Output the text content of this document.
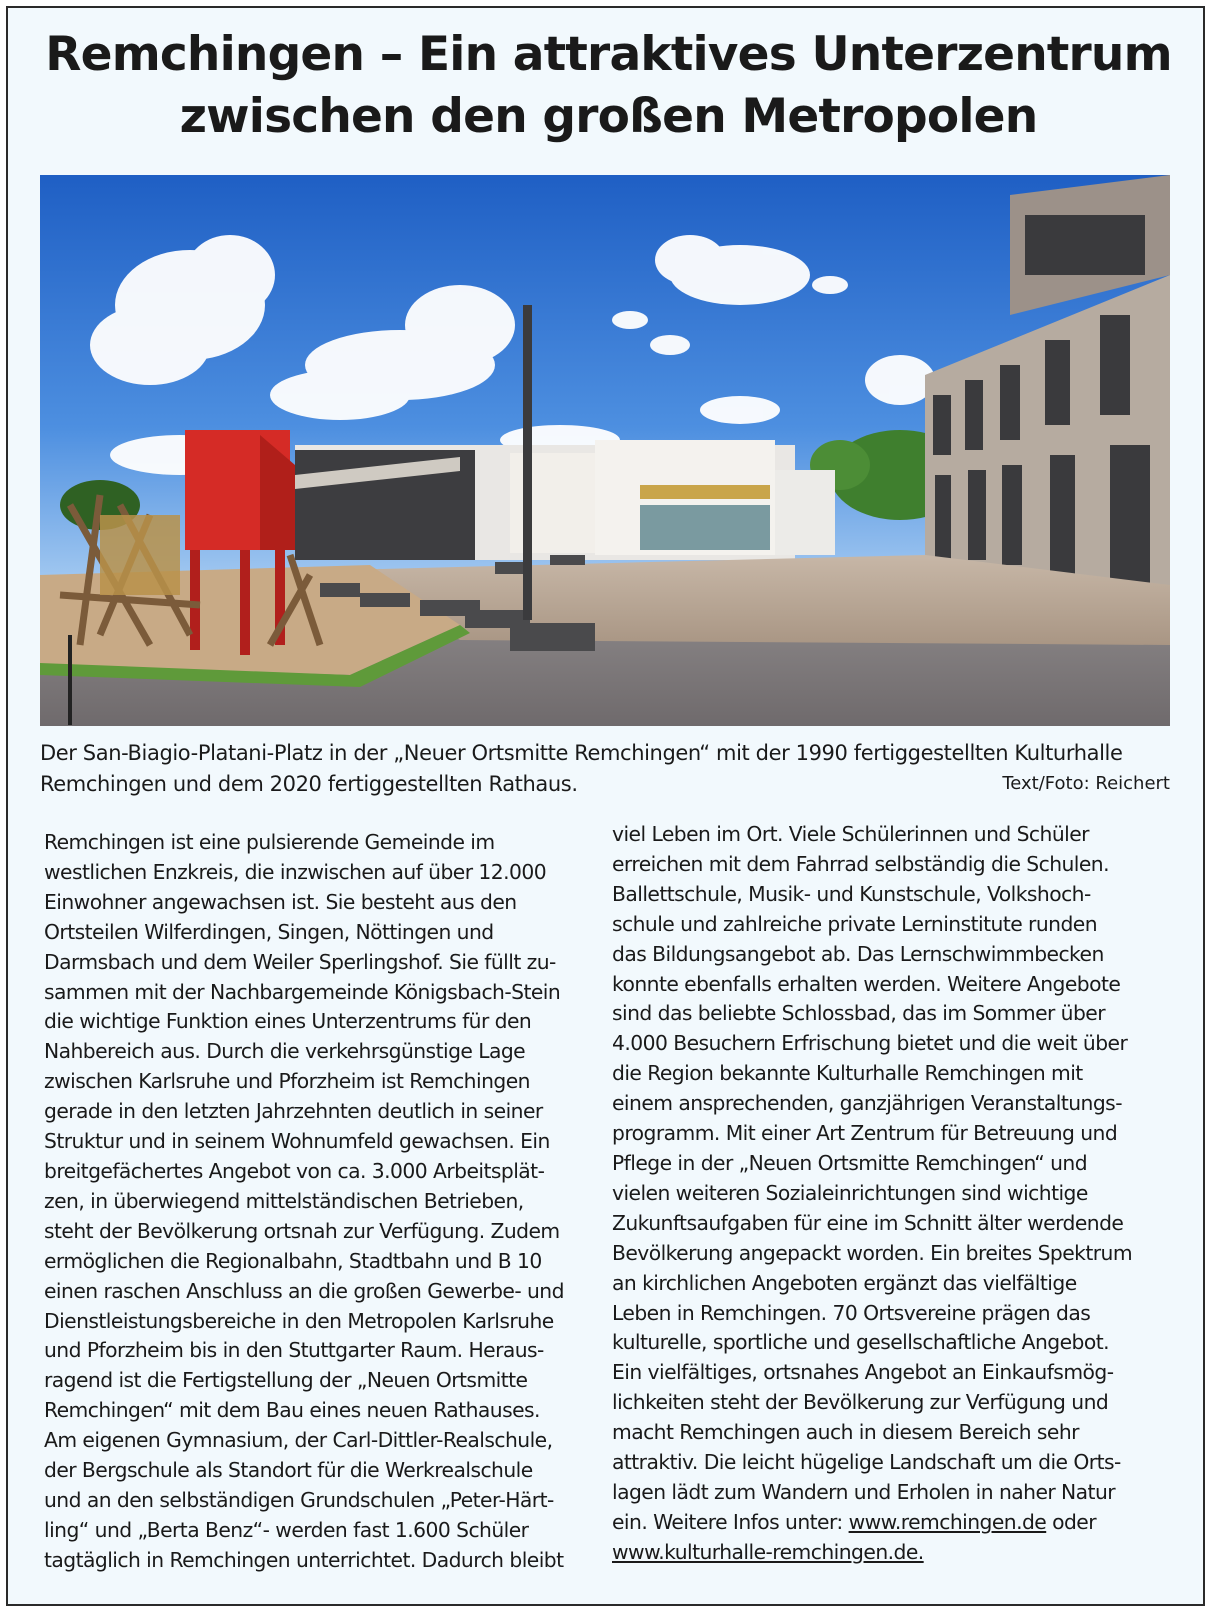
Remchingen – Ein attraktives Unterzentrum
zwischen den großen Metropolen
Der San-Biagio-Platani-Platz in der „Neuer Ortsmitte Remchingen“ mit der 1990 fertiggestellten Kulturhalle
Remchingen und dem 2020 fertiggestellten Rathaus.	Text/Foto: Reichert
Remchingen ist eine pulsierende Gemeinde im
westlichen Enzkreis, die inzwischen auf über 12.000
Einwohner angewachsen ist. Sie besteht aus den
Ortsteilen Wilferdingen, Singen, Nöttingen und
Darmsbach und dem Weiler Sperlingshof. Sie füllt zu-
sammen mit der Nachbargemeinde Königsbach-Stein
die wichtige Funktion eines Unterzentrums für den
Nahbereich aus. Durch die verkehrsgünstige Lage
zwischen Karlsruhe und Pforzheim ist Remchingen
gerade in den letzten Jahrzehnten deutlich in seiner
Struktur und in seinem Wohnumfeld gewachsen. Ein
breitgefächertes Angebot von ca. 3.000 Arbeitsplät-
zen, in überwiegend mittelständischen Betrieben,
steht der Bevölkerung ortsnah zur Verfügung. Zudem
ermöglichen die Regionalbahn, Stadtbahn und B 10
einen raschen Anschluss an die großen Gewerbe- und
Dienstleistungsbereiche in den Metropolen Karlsruhe
und Pforzheim bis in den Stuttgarter Raum. Heraus-
ragend ist die Fertigstellung der „Neuen Ortsmitte
Remchingen“ mit dem Bau eines neuen Rathauses.
Am eigenen Gymnasium, der Carl-Dittler-Realschule,
der Bergschule als Standort für die Werkrealschule
und an den selbständigen Grundschulen „Peter-Härt-
ling“ und „Berta Benz“- werden fast 1.600 Schüler
tagtäglich in Remchingen unterrichtet. Dadurch bleibt
viel Leben im Ort. Viele Schülerinnen und Schüler
erreichen mit dem Fahrrad selbständig die Schulen.
Ballettschule, Musik- und Kunstschule, Volkshoch-
schule und zahlreiche private Lerninstitute runden
das Bildungsangebot ab. Das Lernschwimmbecken
konnte ebenfalls erhalten werden. Weitere Angebote
sind das beliebte Schlossbad, das im Sommer über
4.000 Besuchern Erfrischung bietet und die weit über
die Region bekannte Kulturhalle Remchingen mit
einem ansprechenden, ganzjährigen Veranstaltungs-
programm. Mit einer Art Zentrum für Betreuung und
Pflege in der „Neuen Ortsmitte Remchingen“ und
vielen weiteren Sozialeinrichtungen sind wichtige
Zukunftsaufgaben für eine im Schnitt älter werdende
Bevölkerung angepackt worden. Ein breites Spektrum
an kirchlichen Angeboten ergänzt das vielfältige
Leben in Remchingen. 70 Ortsvereine prägen das
kulturelle, sportliche und gesellschaftliche Angebot.
Ein vielfältiges, ortsnahes Angebot an Einkaufsmög-
lichkeiten steht der Bevölkerung zur Verfügung und
macht Remchingen auch in diesem Bereich sehr
attraktiv. Die leicht hügelige Landschaft um die Orts-
lagen lädt zum Wandern und Erholen in naher Natur
ein. Weitere Infos unter: www.remchingen.de oder
www.kulturhalle-remchingen.de.
